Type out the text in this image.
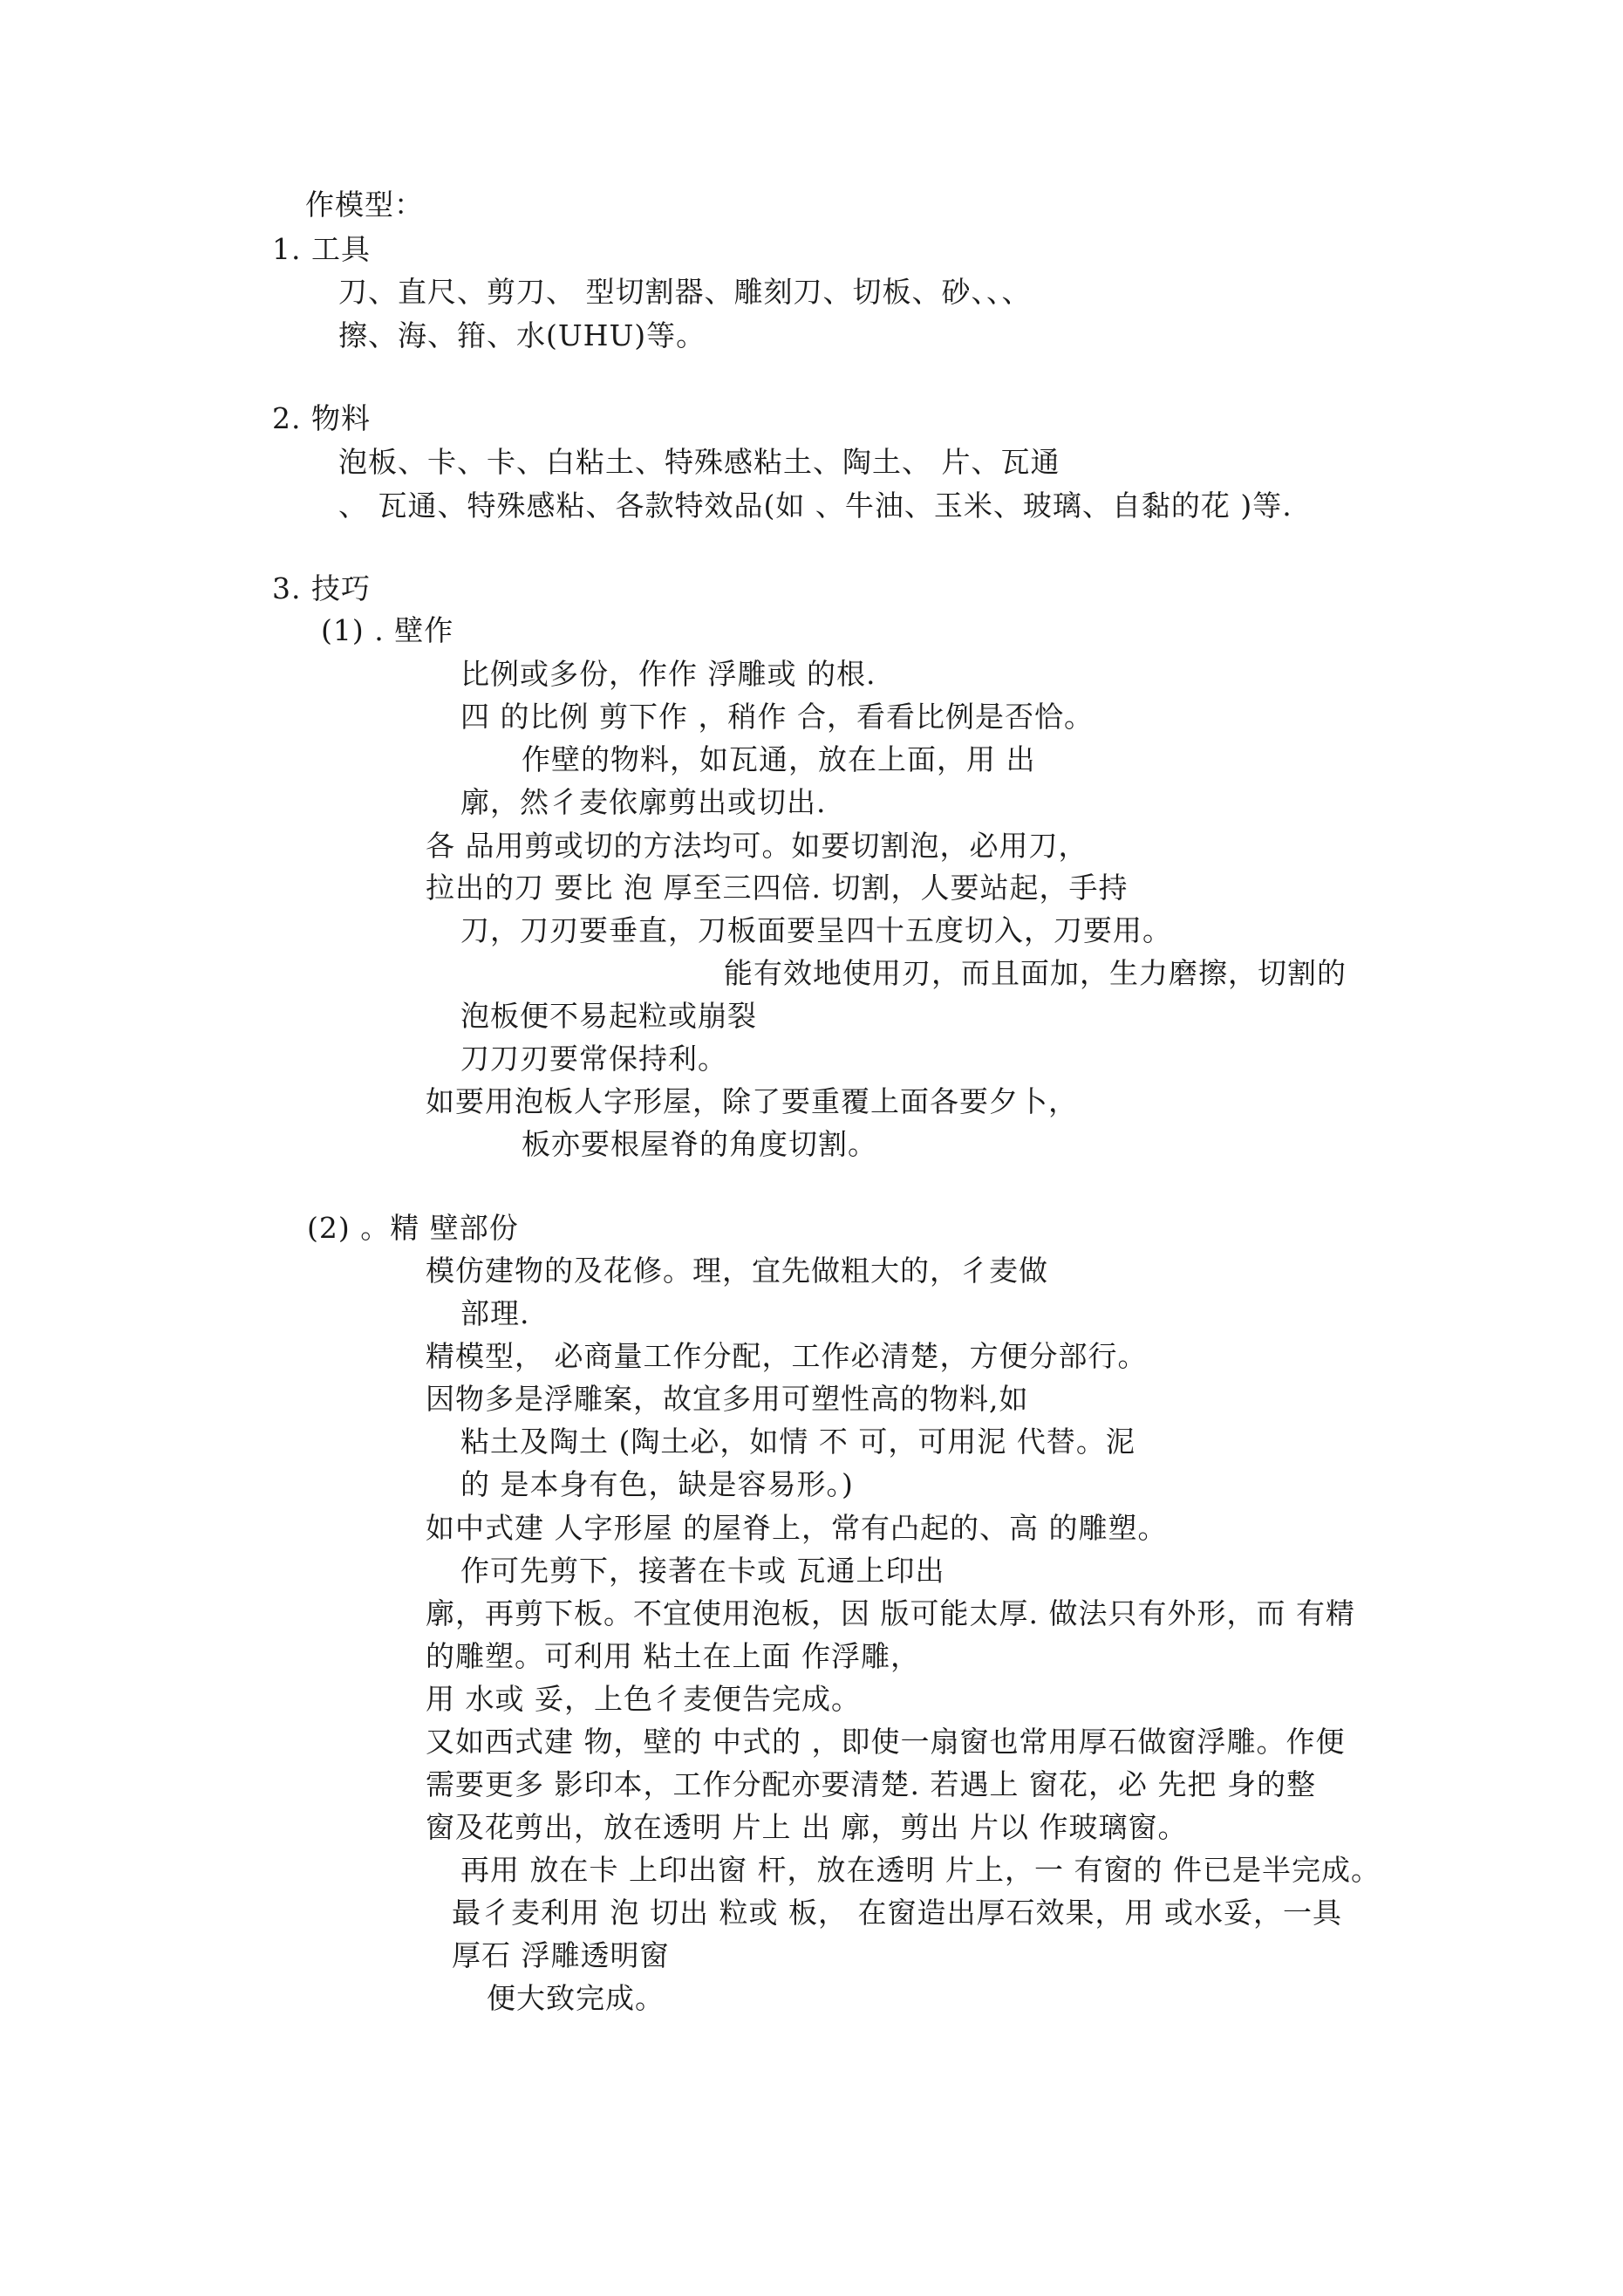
作模型：
1. 工具
刀、直尺、剪刀、 型切割器、雕刻刀、切板、砂、、、
擦、海、箝、水(UHU)等。
2. 物料
泡板、卡、卡、白粘土、特殊感粘土、陶土、 片、瓦通
、 瓦通、特殊感粘、各款特效品(如 、牛油、玉米、玻璃、自黏的花 )等.
3. 技巧
(1) . 壁作
比例或多份，作作 浮雕或 的根.
四 的比例 剪下作 ，稍作 合，看看比例是否恰。
作壁的物料，如瓦通，放在上面，用 出
廓，然彳麦依廓剪出或切出.
各 品用剪或切的方法均可。如要切割泡，必用刀，
拉出的刀 要比 泡 厚至三四倍. 切割，人要站起，手持
刀，刀刃要垂直，刀板面要呈四十五度切入，刀要用。
能有效地使用刃，而且面加，生力磨擦，切割的
泡板便不易起粒或崩裂
刀刀刃要常保持利。
如要用泡板人字形屋，除了要重覆上面各要夕卜，
板亦要根屋脊的角度切割。
(2) 。精 壁部份
模仿建物的及花修。理，宜先做粗大的，彳麦做
部理.
精模型， 必商量工作分配，工作必清楚，方便分部行。
因物多是浮雕案，故宜多用可塑性高的物料,如
粘土及陶土 (陶土必，如情 不 可，可用泥 代替。泥
的 是本身有色，缺是容易形。)
如中式建 人字形屋 的屋脊上，常有凸起的、高 的雕塑。
作可先剪下，接著在卡或 瓦通上印出
廓，再剪下板。不宜使用泡板，因 版可能太厚. 做法只有外形，而 有精
的雕塑。可利用 粘土在上面 作浮雕，
用 水或 妥，上色彳麦便告完成。
又如西式建 物，壁的 中式的 ，即使一扇窗也常用厚石做窗浮雕。作便
需要更多 影印本，工作分配亦要清楚. 若遇上 窗花，必 先把 身的整
窗及花剪出，放在透明 片上 出 廓，剪出 片以 作玻璃窗。
再用 放在卡 上印出窗 杆，放在透明 片上，一 有窗的 件已是半完成。
最彳麦利用 泡 切出 粒或 板， 在窗造出厚石效果，用 或水妥，一具
厚石 浮雕透明窗
便大致完成。
